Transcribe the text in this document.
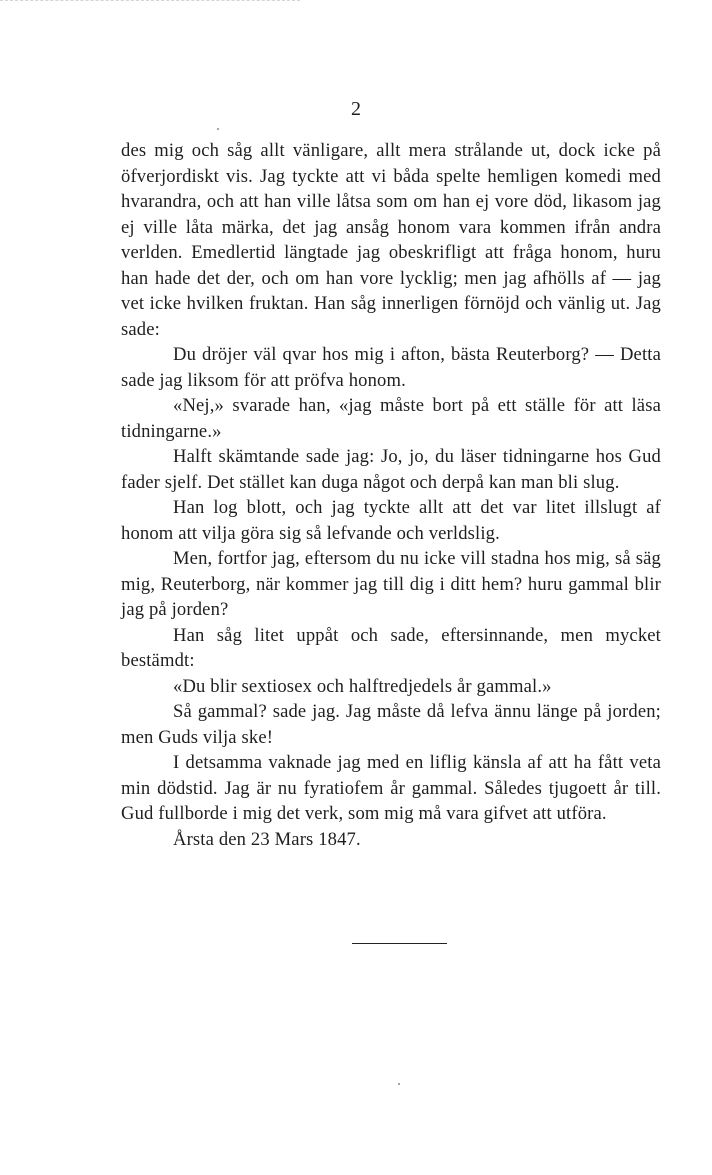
2

des mig och såg allt vänligare, allt mera strålande ut, dock icke på öfverjordiskt vis. Jag tyckte att vi båda spelte hemligen komedi med hvarandra, och att han ville låtsa som om han ej vore död, likasom jag ej ville låta märka, det jag ansåg honom vara kommen ifrån andra verlden. Emedlertid längtade jag obeskrifligt att fråga honom, huru han hade det der, och om han vore lycklig; men jag afhölls af — jag vet icke hvilken fruktan. Han såg innerligen förnöjd och vänlig ut. Jag sade:

Du dröjer väl qvar hos mig i afton, bästa Reuterborg? — Detta sade jag liksom för att pröfva honom.

«Nej,» svarade han, «jag måste bort på ett ställe för att läsa tidningarne.»

Halft skämtande sade jag: Jo, jo, du läser tidningarne hos Gud fader sjelf. Det stället kan duga något och derpå kan man bli slug.

Han log blott, och jag tyckte allt att det var litet illslugt af honom att vilja göra sig så lefvande och verldslig.

Men, fortfor jag, eftersom du nu icke vill stadna hos mig, så säg mig, Reuterborg, när kommer jag till dig i ditt hem? huru gammal blir jag på jorden?

Han såg litet uppåt och sade, eftersinnande, men mycket bestämdt:

«Du blir sextiosex och halftredjedels år gammal.»

Så gammal? sade jag. Jag måste då lefva ännu länge på jorden; men Guds vilja ske!

I detsamma vaknade jag med en liflig känsla af att ha fått veta min dödstid. Jag är nu fyratiofem år gammal. Således tjugoett år till. Gud fullborde i mig det verk, som mig må vara gifvet att utföra.

Årsta den 23 Mars 1847.
